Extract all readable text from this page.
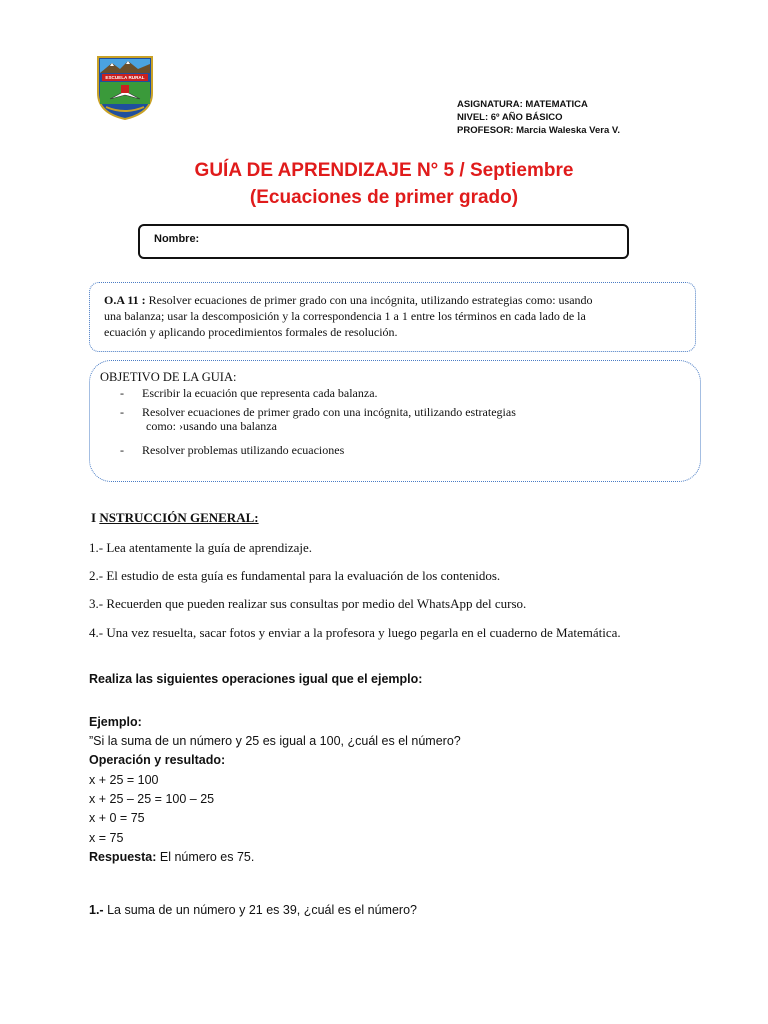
ESCUELA RURAL
ASIGNATURA: MATEMATICA
NIVEL: 6º AÑO BÁSICO
PROFESOR: Marcia Waleska Vera V.
GUÍA DE APRENDIZAJE N° 5 / Septiembre
(Ecuaciones de primer grado)
Nombre:
O.A 11 : Resolver ecuaciones de primer grado con una incógnita, utilizando estrategias como: usando
una balanza; usar la descomposición y la correspondencia 1 a 1 entre los términos en cada lado de la
ecuación y aplicando procedimientos formales de resolución.
OBJETIVO DE LA GUIA:
- Escribir la ecuación que representa cada balanza.
- Resolver ecuaciones de primer grado con una incógnita, utilizando estrategias
como: ›usando una balanza
- Resolver problemas utilizando ecuaciones
I NSTRUCCIÓN GENERAL:
1.- Lea atentamente la guía de aprendizaje.
2.- El estudio de esta guía es fundamental para la evaluación de los contenidos.
3.- Recuerden que pueden realizar sus consultas por medio del WhatsApp del curso.
4.- Una vez resuelta, sacar fotos y enviar a la profesora y luego pegarla en el cuaderno de Matemática.
Realiza las siguientes operaciones igual que el ejemplo:
Ejemplo:
”Si la suma de un número y 25 es igual a 100, ¿cuál es el número?
Operación y resultado:
x + 25 = 100
x + 25 – 25 = 100 – 25
x + 0 = 75
x = 75
Respuesta: El número es 75.
1.- La suma de un número y 21 es 39, ¿cuál es el número?
